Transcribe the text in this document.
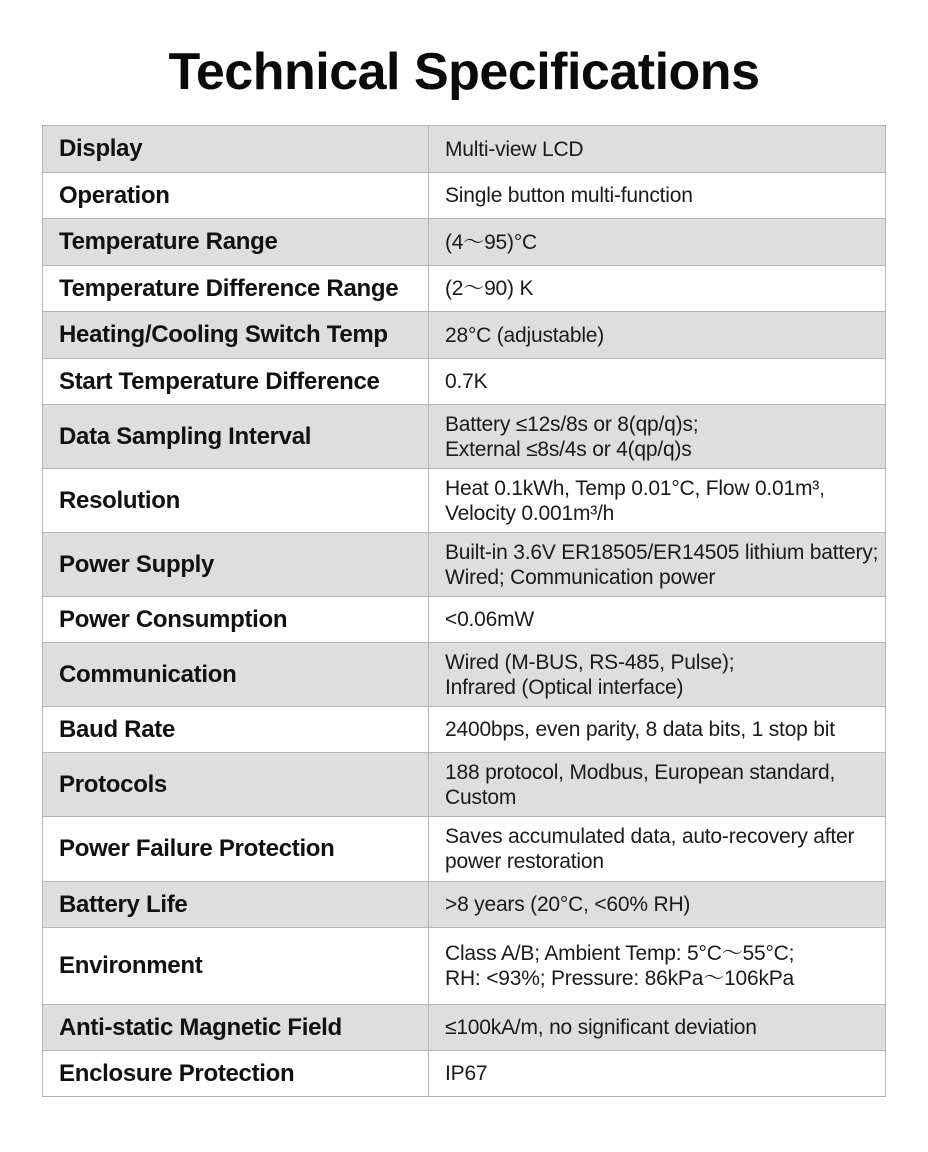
Technical Specifications
Display	Multi-view LCD
Operation	Single button multi-function
Temperature Range	(4～95)°C
Temperature Difference Range	(2～90) K
Heating/Cooling Switch Temp	28°C (adjustable)
Start Temperature Difference	0.7K
Data Sampling Interval	Battery ≤12s/8s or 8(qp/q)s;
External ≤8s/4s or 4(qp/q)s
Resolution	Heat 0.1kWh, Temp 0.01°C, Flow 0.01m³,
Velocity 0.001m³/h
Power Supply	Built-in 3.6V ER18505/ER14505 lithium battery;
Wired; Communication power
Power Consumption	<0.06mW
Communication	Wired (M-BUS, RS-485, Pulse);
Infrared (Optical interface)
Baud Rate	2400bps, even parity, 8 data bits, 1 stop bit
Protocols	188 protocol, Modbus, European standard,
Custom
Power Failure Protection	Saves accumulated data, auto-recovery after
power restoration
Battery Life	>8 years (20°C, <60% RH)
Environment	Class A/B; Ambient Temp: 5°C～55°C;
RH: <93%; Pressure: 86kPa～106kPa
Anti-static Magnetic Field	≤100kA/m, no significant deviation
Enclosure Protection	IP67
